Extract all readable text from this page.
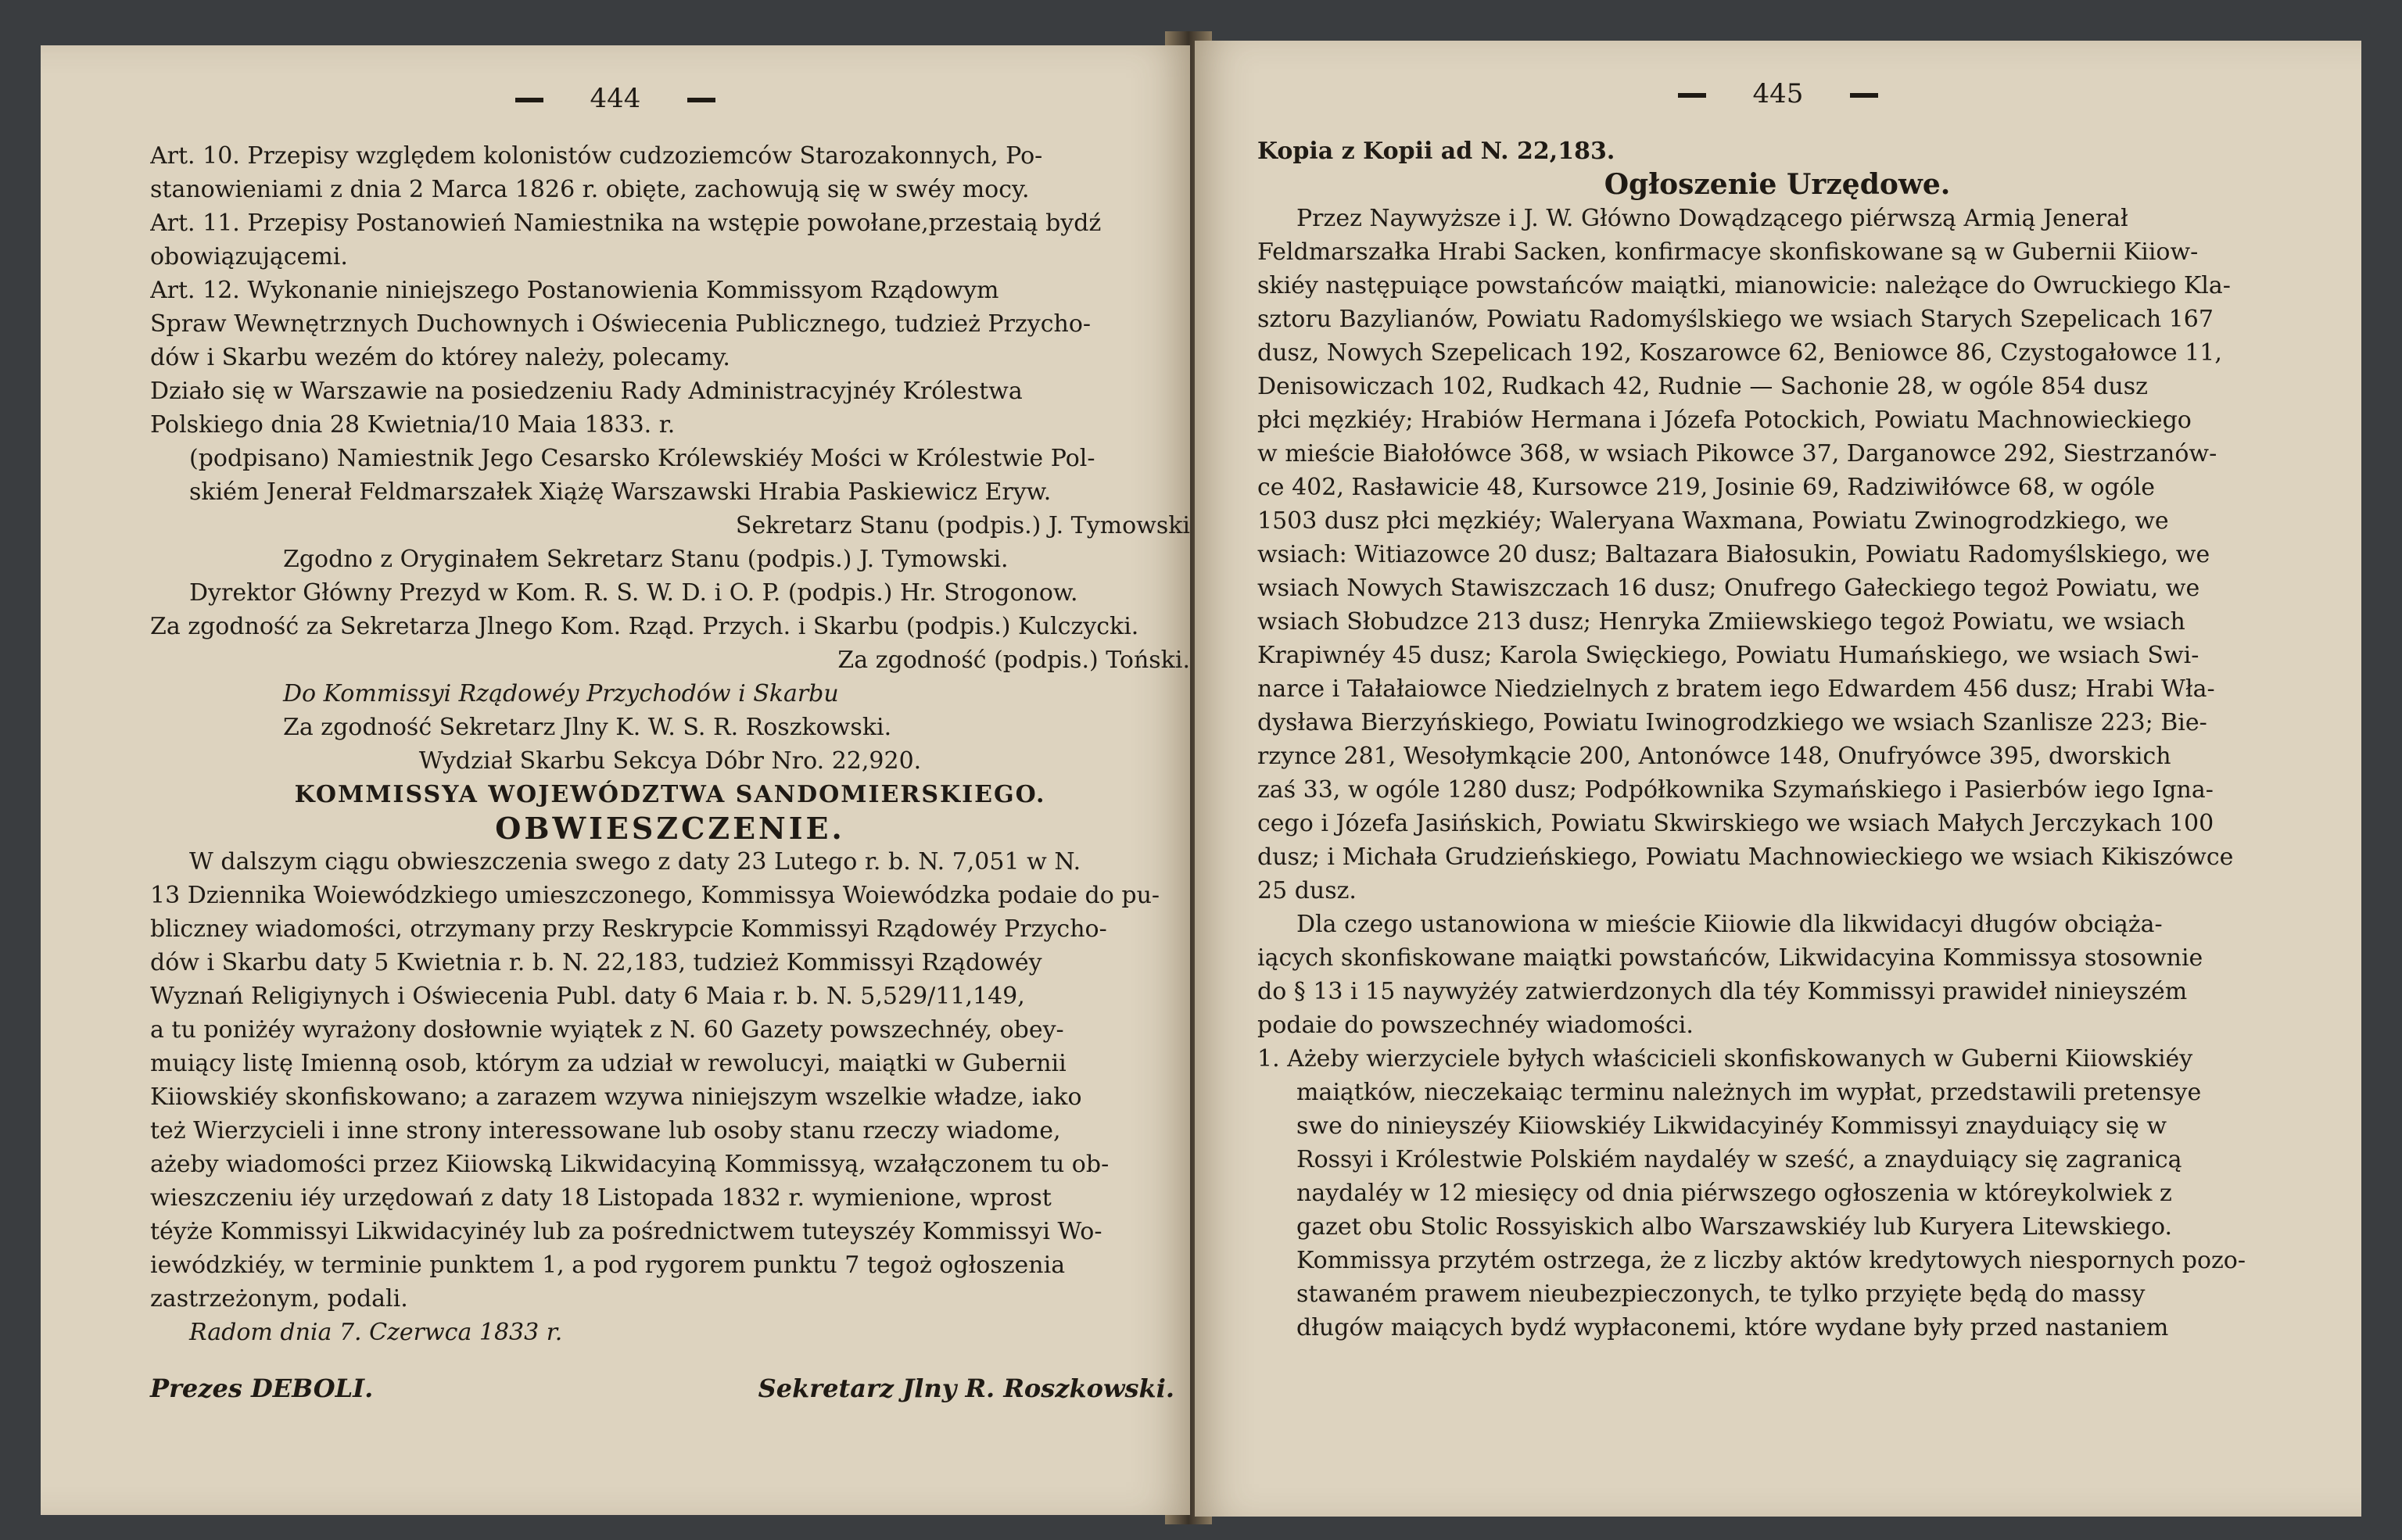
444
Art. 10. Przepisy względem kolonistów cudzoziemców Starozakonnych, Po-
stanowieniami z dnia 2 Marca 1826 r. obięte, zachowują się w swéy mocy.
Art. 11. Przepisy Postanowień Namiestnika na wstępie powołane,przestaią bydź
obowiązującemi.
Art. 12. Wykonanie niniejszego Postanowienia Kommissyom Rządowym
Spraw Wewnętrznych Duchownych i Oświecenia Publicznego, tudzież Przycho-
dów i Skarbu wezém do którey należy, polecamy.
Działo się w Warszawie na posiedzeniu Rady Administracyjnéy Królestwa
Polskiego dnia 28 Kwietnia/10 Maia 1833. r.
(podpisano) Namiestnik Jego Cesarsko Królewskiéy Mości w Królestwie Pol-
skiém Jenerał Feldmarszałek Xiążę Warszawski Hrabia Paskiewicz Eryw.
Sekretarz Stanu (podpis.) J. Tymowski
Zgodno z Oryginałem Sekretarz Stanu (podpis.) J. Tymowski.
Dyrektor Główny Prezyd w Kom. R. S. W. D. i O. P. (podpis.) Hr. Strogonow.
Za zgodność za Sekretarza Jlnego Kom. Rząd. Przych. i Skarbu (podpis.) Kulczycki.
Za zgodność (podpis.) Toński.
Do Kommissyi Rządowéy Przychodów i Skarbu
Za zgodność Sekretarz Jlny K. W. S. R. Roszkowski.
Wydział Skarbu Sekcya Dóbr Nro. 22,920.
KOMMISSYA WOJEWÓDZTWA SANDOMIERSKIEGO.
OBWIESZCZENIE.
W dalszym ciągu obwieszczenia swego z daty 23 Lutego r. b. N. 7,051 w N.
13 Dziennika Woiewódzkiego umieszczonego, Kommissya Woiewódzka podaie do pu-
bliczney wiadomości, otrzymany przy Reskrypcie Kommissyi Rządowéy Przycho-
dów i Skarbu daty 5 Kwietnia r. b. N. 22,183, tudzież Kommissyi Rządowéy
Wyznań Religiynych i Oświecenia Publ. daty 6 Maia r. b. N. 5,529/11,149,
a tu poniżéy wyrażony dosłownie wyiątek z N. 60 Gazety powszechnéy, obey-
muiący listę Imienną osob, którym za udział w rewolucyi, maiątki w Gubernii
Kiiowskiéy skonfiskowano; a zarazem wzywa niniejszym wszelkie władze, iako
też Wierzycieli i inne strony interessowane lub osoby stanu rzeczy wiadome,
ażeby wiadomości przez Kiiowską Likwidacyiną Kommissyą, wzałączonem tu ob-
wieszczeniu iéy urzędowań z daty 18 Listopada 1832 r. wymienione, wprost
téyże Kommissyi Likwidacyinéy lub za pośrednictwem tuteyszéy Kommissyi Wo-
iewódzkiéy, w terminie punktem 1, a pod rygorem punktu 7 tegoż ogłoszenia
zastrzeżonym, podali.
Radom dnia 7. Czerwca 1833 r.
Prezes DEBOLI.	Sekretarz Jlny R. Roszkowski.
445
Kopia z Kopii ad N. 22,183.
Ogłoszenie Urzędowe.
Przez Naywyższe i J. W. Główno Dowądzącego piérwszą Armią Jenerał
Feldmarszałka Hrabi Sacken, konfirmacye skonfiskowane są w Gubernii Kiiow-
skiéy następuiące powstańców maiątki, mianowicie: należące do Owruckiego Kla-
sztoru Bazylianów, Powiatu Radomyślskiego we wsiach Starych Szepelicach 167
dusz, Nowych Szepelicach 192, Koszarowce 62, Beniowce 86, Czystogałowce 11,
Denisowiczach 102, Rudkach 42, Rudnie — Sachonie 28, w ogóle 854 dusz
płci męzkiéy; Hrabiów Hermana i Józefa Potockich, Powiatu Machnowieckiego
w mieście Białołówce 368, w wsiach Pikowce 37, Darganowce 292, Siestrzanów-
ce 402, Rasławicie 48, Kursowce 219, Josinie 69, Radziwiłówce 68, w ogóle
1503 dusz płci męzkiéy; Waleryana Waxmana, Powiatu Zwinogrodzkiego, we
wsiach: Witiazowce 20 dusz; Baltazara Białosukin, Powiatu Radomyślskiego, we
wsiach Nowych Stawiszczach 16 dusz; Onufrego Gałeckiego tegoż Powiatu, we
wsiach Słobudzce 213 dusz; Henryka Zmiiewskiego tegoż Powiatu, we wsiach
Krapiwnéy 45 dusz; Karola Swięckiego, Powiatu Humańskiego, we wsiach Swi-
narce i Tałałaiowce Niedzielnych z bratem iego Edwardem 456 dusz; Hrabi Wła-
dysława Bierzyńskiego, Powiatu Iwinogrodzkiego we wsiach Szanlisze 223; Bie-
rzynce 281, Wesołymkącie 200, Antonówce 148, Onufryówce 395, dworskich
zaś 33, w ogóle 1280 dusz; Podpółkownika Szymańskiego i Pasierbów iego Igna-
cego i Józefa Jasińskich, Powiatu Skwirskiego we wsiach Małych Jerczykach 100
dusz; i Michała Grudzieńskiego, Powiatu Machnowieckiego we wsiach Kikiszówce
25 dusz.
Dla czego ustanowiona w mieście Kiiowie dla likwidacyi długów obciąża-
iących skonfiskowane maiątki powstańców, Likwidacyina Kommissya stosownie
do § 13 i 15 naywyżéy zatwierdzonych dla téy Kommissyi prawideł ninieyszém
podaie do powszechnéy wiadomości.
1. Ażeby wierzyciele byłych właścicieli skonfiskowanych w Guberni Kiiowskiéy
maiątków, nieczekaiąc terminu należnych im wypłat, przedstawili pretensye
swe do ninieyszéy Kiiowskiéy Likwidacyinéy Kommissyi znayduiący się w
Rossyi i Królestwie Polskiém naydaléy w sześć, a znayduiący się zagranicą
naydaléy w 12 miesięcy od dnia piérwszego ogłoszenia w któreykolwiek z
gazet obu Stolic Rossyiskich albo Warszawskiéy lub Kuryera Litewskiego.
Kommissya przytém ostrzega, że z liczby aktów kredytowych niespornych pozo-
stawaném prawem nieubezpieczonych, te tylko przyięte będą do massy
długów maiących bydź wypłaconemi, które wydane były przed nastaniem
